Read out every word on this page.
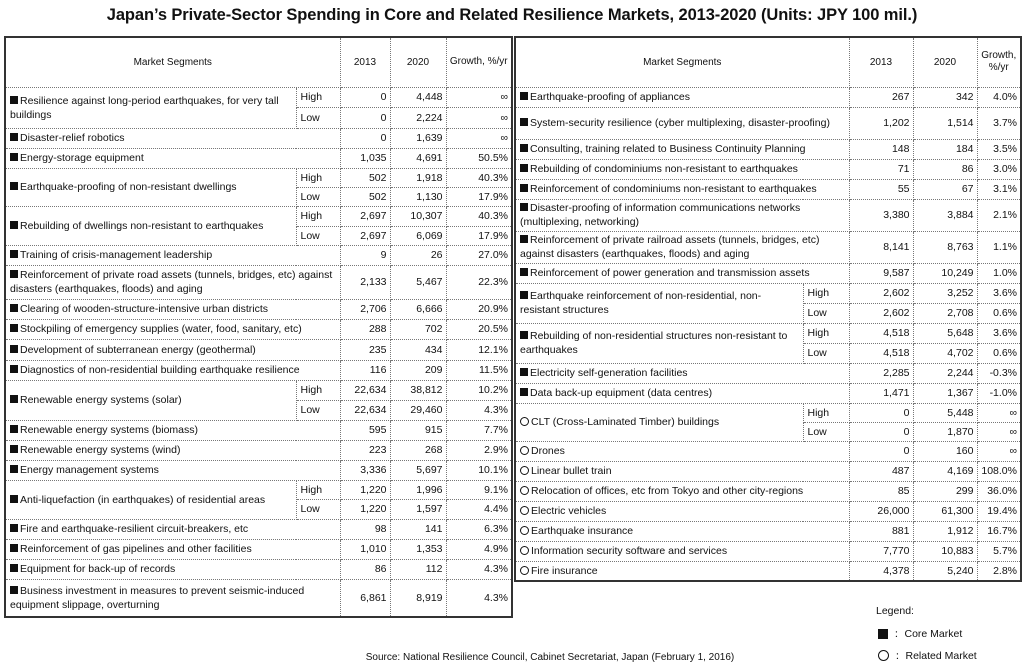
Japan’s Private-Sector Spending in Core and Related Resilience Markets, 2013-2020 (Units: JPY 100 mil.)
Market Segments		2013	2020	Growth, %/yr
Resilience against long-period earthquakes, for very tall buildings	High	0	4,448	∞
	Low	0	2,224	∞
Disaster-relief robotics		0	1,639	∞
Energy-storage equipment		1,035	4,691	50.5%
Earthquake-proofing of non-resistant dwellings	High	502	1,918	40.3%
	Low	502	1,130	17.9%
Rebuilding of dwellings non-resistant to earthquakes	High	2,697	10,307	40.3%
	Low	2,697	6,069	17.9%
Training of crisis-management leadership		9	26	27.0%
Reinforcement of private road assets (tunnels, bridges, etc) against disasters (earthquakes, floods) and aging		2,133	5,467	22.3%
Clearing of wooden-structure-intensive urban districts		2,706	6,666	20.9%
Stockpiling of emergency supplies (water, food, sanitary, etc)		288	702	20.5%
Development of subterranean energy (geothermal)		235	434	12.1%
Diagnostics of non-residential building earthquake resilience		116	209	11.5%
Renewable energy systems (solar)	High	22,634	38,812	10.2%
	Low	22,634	29,460	4.3%
Renewable energy systems (biomass)		595	915	7.7%
Renewable energy systems (wind)		223	268	2.9%
Energy management systems		3,336	5,697	10.1%
Anti-liquefaction (in earthquakes) of residential areas	High	1,220	1,996	9.1%
	Low	1,220	1,597	4.4%
Fire and earthquake-resilient circuit-breakers, etc		98	141	6.3%
Reinforcement of gas pipelines and other facilities		1,010	1,353	4.9%
Equipment for back-up of records		86	112	4.3%
Business investment in measures to prevent seismic-induced equipment slippage, overturning		6,861	8,919	4.3%
Market Segments		2013	2020	Growth, %/yr
Earthquake-proofing of appliances		267	342	4.0%
System-security resilience (cyber multiplexing, disaster-proofing)		1,202	1,514	3.7%
Consulting, training related to Business Continuity Planning		148	184	3.5%
Rebuilding of condominiums non-resistant to earthquakes		71	86	3.0%
Reinforcement of condominiums non-resistant to earthquakes		55	67	3.1%
Disaster-proofing of information communications networks (multiplexing, networking)		3,380	3,884	2.1%
Reinforcement of private railroad assets (tunnels, bridges, etc) against disasters (earthquakes, floods) and aging		8,141	8,763	1.1%
Reinforcement of power generation and transmission assets		9,587	10,249	1.0%
Earthquake reinforcement of non-residential, non-resistant structures	High	2,602	3,252	3.6%
	Low	2,602	2,708	0.6%
Rebuilding of non-residential structures non-resistant to earthquakes	High	4,518	5,648	3.6%
	Low	4,518	4,702	0.6%
Electricity self-generation facilities		2,285	2,244	-0.3%
Data back-up equipment (data centres)		1,471	1,367	-1.0%
CLT (Cross-Laminated Timber) buildings	High	0	5,448	∞
	Low	0	1,870	∞
Drones		0	160	∞
Linear bullet train		487	4,169	108.0%
Relocation of offices, etc from Tokyo and other city-regions		85	299	36.0%
Electric vehicles		26,000	61,300	19.4%
Earthquake insurance		881	1,912	16.7%
Information security software and services		7,770	10,883	5.7%
Fire insurance		4,378	5,240	2.8%
Legend:
：Core Market
：Related Market
Source: National Resilience Council, Cabinet Secretariat, Japan (February 1, 2016)
